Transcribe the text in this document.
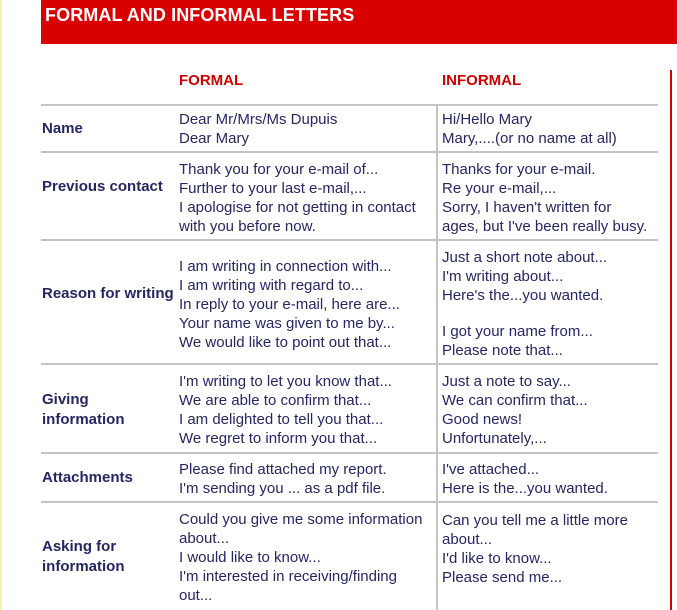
FORMAL AND INFORMAL LETTERS
FORMAL	INFORMAL
Name
Dear Mr/Mrs/Ms Dupuis
Dear Mary
Hi/Hello Mary
Mary,....(or no name at all)
Previous contact
Thank you for your e-mail of...
Further to your last e-mail,...
I apologise for not getting in contact
with you before now.
Thanks for your e-mail.
Re your e-mail,...
Sorry, I haven't written for
ages, but I've been really busy.
Reason for writing
I am writing in connection with...
I am writing with regard to...
In reply to your e-mail, here are...
Your name was given to me by...
We would like to point out that...
Just a short note about...
I'm writing about...
Here's the...you wanted.
I got your name from...
Please note that...
Giving information
I'm writing to let you know that...
We are able to confirm that...
I am delighted to tell you that...
We regret to inform you that...
Just a note to say...
We can confirm that...
Good news!
Unfortunately,...
Attachments	Please find attached my report.
I'm sending you ... as a pdf file.
I've attached...
Here is the...you wanted.
Asking for information
Could you give me some information
about...
I would like to know...
I'm interested in receiving/finding
out...
Can you tell me a little more
about...
I'd like to know...
Please send me...
